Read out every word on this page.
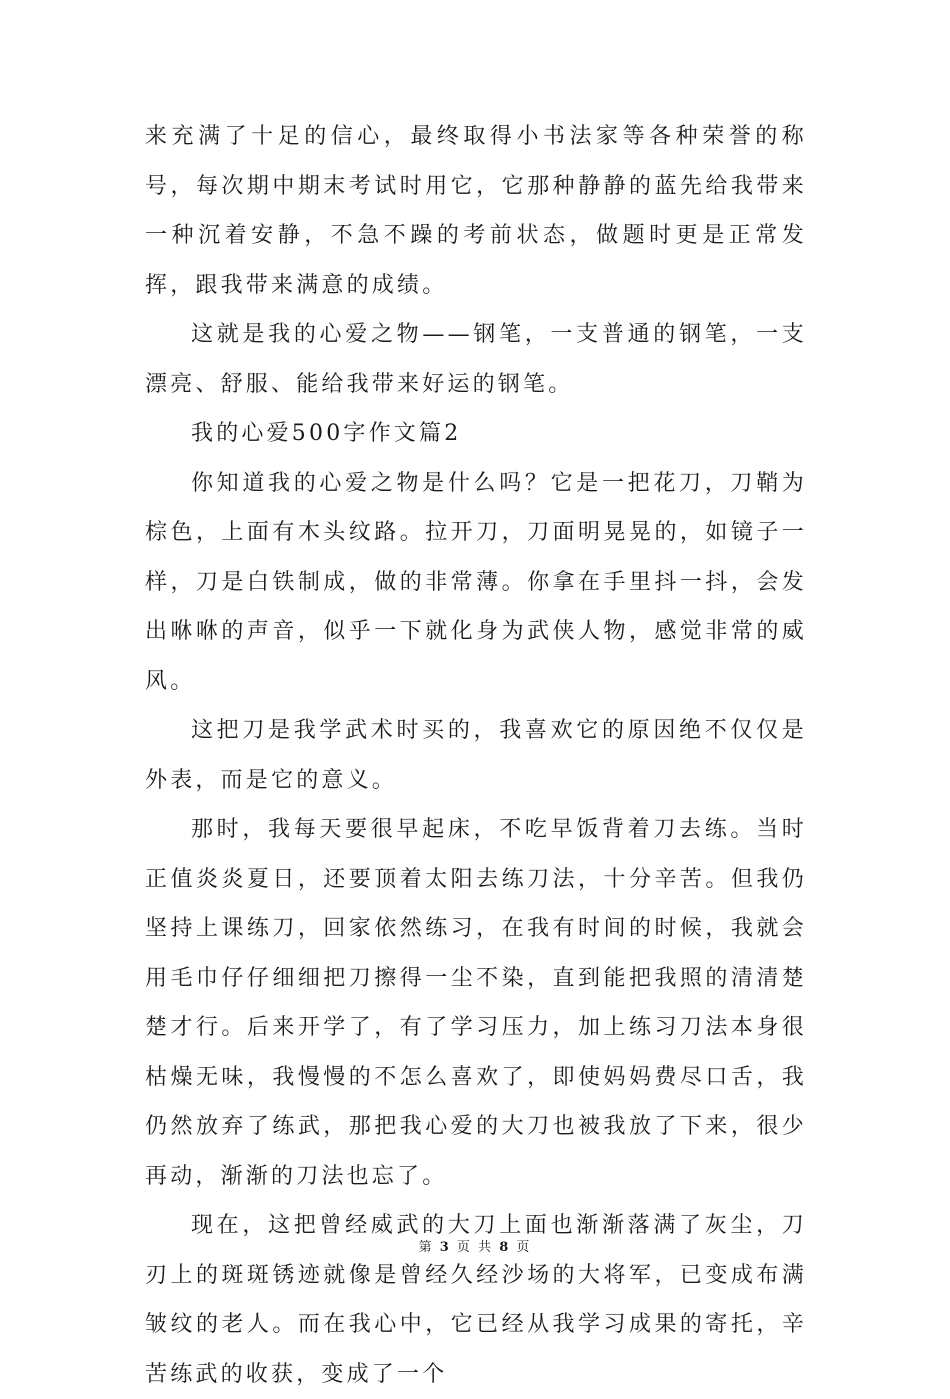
来充满了十足的信心，最终取得小书法家等各种荣誉的称号，每次期中期末考试时用它，它那种静静的蓝先给我带来一种沉着安静，不急不躁的考前状态，做题时更是正常发挥，跟我带来满意的成绩。

这就是我的心爱之物——钢笔，一支普通的钢笔，一支漂亮、舒服、能给我带来好运的钢笔。

我的心爱500字作文篇2

你知道我的心爱之物是什么吗？它是一把花刀，刀鞘为棕色，上面有木头纹路。拉开刀，刀面明晃晃的，如镜子一样，刀是白铁制成，做的非常薄。你拿在手里抖一抖，会发出咻咻的声音，似乎一下就化身为武侠人物，感觉非常的威风。

这把刀是我学武术时买的，我喜欢它的原因绝不仅仅是外表，而是它的意义。

那时，我每天要很早起床，不吃早饭背着刀去练。当时正值炎炎夏日，还要顶着太阳去练刀法，十分辛苦。但我仍坚持上课练刀，回家依然练习，在我有时间的时候，我就会用毛巾仔仔细细把刀擦得一尘不染，直到能把我照的清清楚楚才行。后来开学了，有了学习压力，加上练习刀法本身很枯燥无味，我慢慢的不怎么喜欢了，即使妈妈费尽口舌，我仍然放弃了练武，那把我心爱的大刀也被我放了下来，很少再动，渐渐的刀法也忘了。

现在，这把曾经威武的大刀上面也渐渐落满了灰尘，刀刃上的斑斑锈迹就像是曾经久经沙场的大将军，已变成布满皱纹的老人。而在我心中，它已经从我学习成果的寄托，辛苦练武的收获，变成了一个

第 3 页 共 8 页
